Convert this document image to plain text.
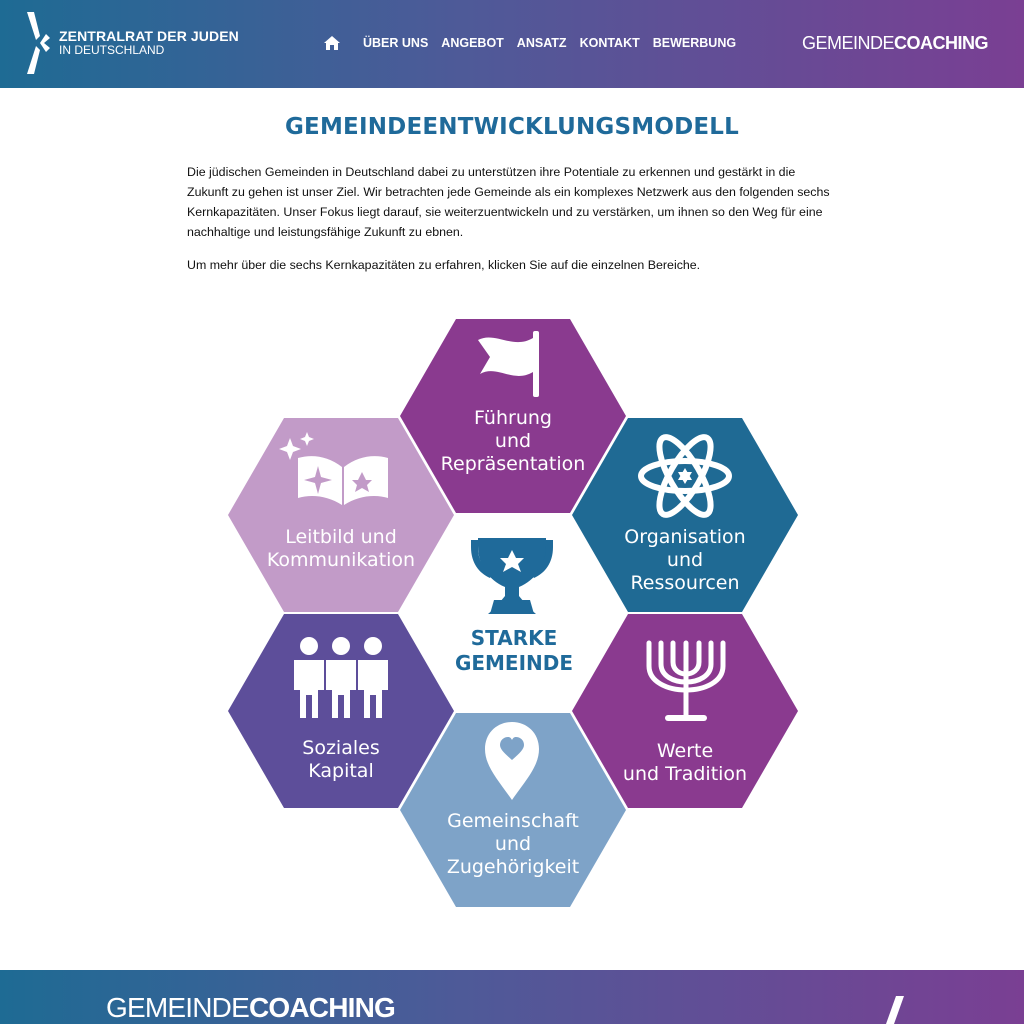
ZENTRALRAT DER JUDEN
IN DEUTSCHLAND	ÜBER UNS ANGEBOT ANSATZ KONTAKT BEWERBUNG	GEMEINDECOACHING
GEMEINDEENTWICKLUNGSMODELL

Die jüdischen Gemeinden in Deutschland dabei zu unterstützen ihre Potentiale zu erkennen und gestärkt in die Zukunft zu gehen ist unser Ziel. Wir betrachten jede Gemeinde als ein komplexes Netzwerk aus den folgenden sechs Kernkapazitäten. Unser Fokus liegt darauf, sie weiterzuentwickeln und zu verstärken, um ihnen so den Weg für eine nachhaltige und leistungsfähige Zukunft zu ebnen.

Um mehr über die sechs Kernkapazitäten zu erfahren, klicken Sie auf die einzelnen Bereiche.

Führung
und
Repräsentation
Organisation
und
Ressourcen
Werte
und Tradition
Gemeinschaft
und
Zugehörigkeit
Soziales
Kapital
Leitbild und
Kommunikation
STARKE
GEMEINDE
GEMEINDECOACHING
